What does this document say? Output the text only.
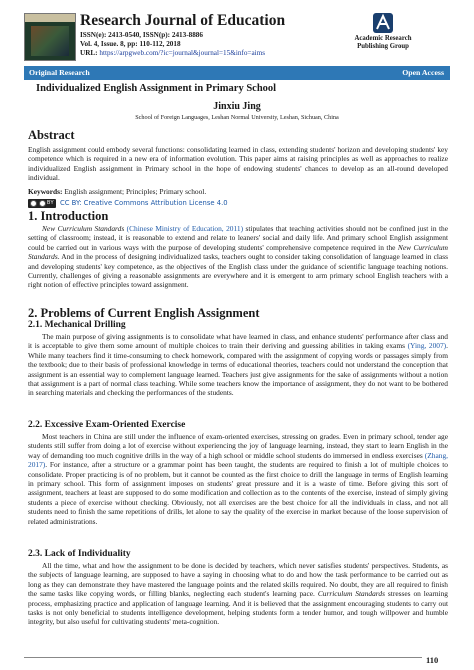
Research Journal of Education
ISSN(e): 2413-0540, ISSN(p): 2413-8886
Vol. 4, Issue. 8, pp: 110-112, 2018
URL: https://arpgweb.com/?ic=journal&journal=15&info=aims
Academic Research Publishing Group
Original Research	Open Access
Individualized English Assignment in Primary School
Jinxiu Jing
School of Foreign Languages, Leshan Normal University, Leshan, Sichuan, China
Abstract

English assignment could embody several functions: consolidating learned in class, extending students' horizon and developing students' key competence which is required in a new era of information evolution. This paper aims at raising principles as well as approaches to realize individualized English assignment in Primary school in the hope of endowing students' chances to develop as an all-round developed individual.

Keywords: English assignment; Principles; Primary school.
BY CC BY: Creative Commons Attribution License 4.0
1. Introduction

New Curriculum Standards (Chinese Ministry of Education, 2011) stipulates that teaching activities should not be confined just in the setting of classroom; instead, it is reasonable to extend and relate to leaners' social and daily life. And primary school English assignment could be carried out in various ways with the purpose of developing students' comprehensive competence required in the New Curriculum Standards. And in the process of designing individualized tasks, teachers ought to consider taking consolidation of language learned in class and developing students' key competence, as the objectives of the English class under the guidance of scientific language teaching notions. Currently, challenges of giving a reasonable assignments are everywhere and it is emergent to arm primary school English teachers with a right notion of effective principles toward assignment.

2. Problems of Current English Assignment
2.1. Mechanical Drilling

The main purpose of giving assignments is to consolidate what have learned in class, and enhance students' performance after class and it is acceptable to give them some amount of multiple choices to train their deriving and guessing abilities in taking exams (Ying, 2007). While many teachers find it time-consuming to check homework, compared with the assignment of copying words or passages simply from the textbook; due to their basis of professional knowledge in terms of educational theories, teachers could not understand the conception that assignment is an essential way to complement language learned. Teachers just give assignments for the sake of assignments without a notion that assignment is a part of normal class teaching. While some teachers know the importance of assignment, they do not want to be bothered in searching materials and checking the performances of the students.

2.2. Excessive Exam-Oriented Exercise

Most teachers in China are still under the influence of exam-oriented exercises, stressing on grades. Even in primary school, tender age students still suffer from doing a lot of exercise without experiencing the joy of language learning, instead, they start to learn English in the way of demanding too much cognitive drills in the way of a high school or middle school students do immersed in endless exercises (Zhang, 2017). For instance, after a structure or a grammar point has been taught, the students are required to finish a lot of multiple choices to consolidate. Proper practicing is of no problem, but it cannot be counted as the first choice to drill the language in terms of English learning in primary school. This form of assignment imposes on students' great pressure and it is a waste of time. Before giving this sort of assignment, teachers at least are supposed to do some modification and collection as to the contents of the exercise, instead of simply giving students a piece of exercise without checking. Obviously, not all exercises are the best choice for all the individuals in class, and not all students need to finish the same repetitions of drills, let alone to say the quality of the exercise in market because of the loose supervision of related administrations.

2.3. Lack of Individuality

All the time, what and how the assignment to be done is decided by teachers, which never satisfies students' perspectives. Students, as the subjects of language learning, are supposed to have a saying in choosing what to do and how the task performance to be carried out as long as they can demonstrate they have mastered the language points and the related skills required. No doubt, they are all required to finish the same tasks like copying words, or filling blanks, neglecting each student's learning pace. Curriculum Standards stresses on learning process, emphasizing practice and application of language learning. And it is believed that the assignment encouraging students to carry out tasks is not only beneficial to students intelligence development, helping students form a tender humor, and tough willpower and humble integrity, but also useful for cultivating students' meta-cognition.

110
